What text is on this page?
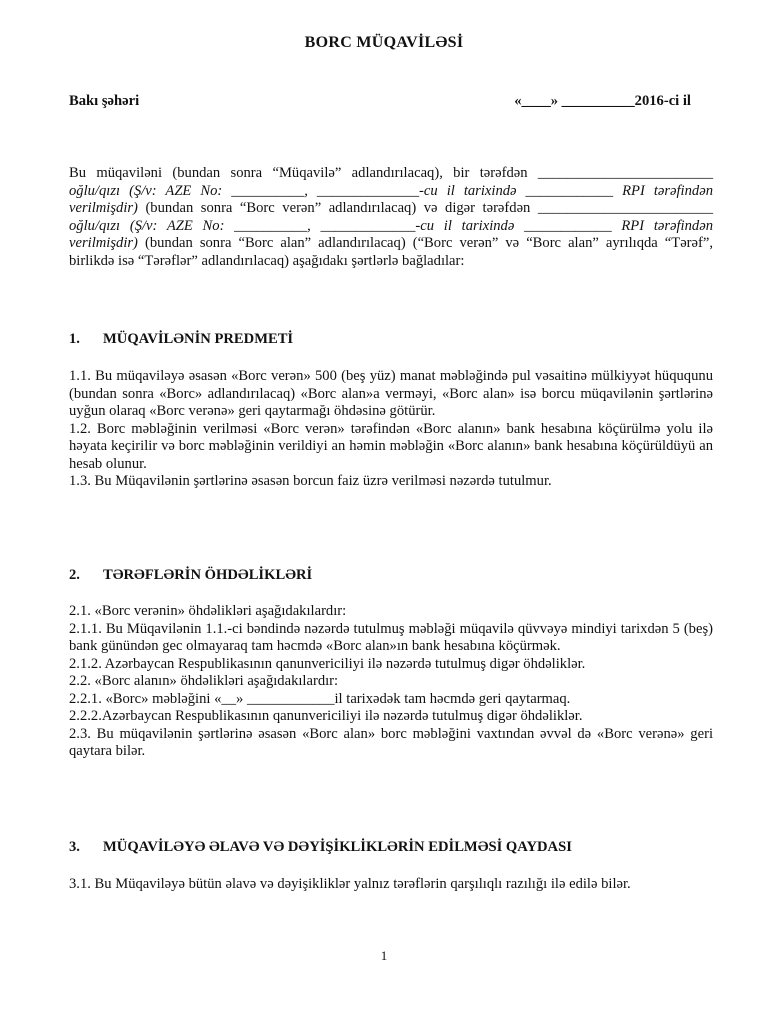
BORC MÜQAVİLƏSİ
Bakı şəhəri	«____» __________2016-ci il

Bu müqavilənі (bundan sonra “Müqavilə” adlandırılacaq), bir tərəfdən ________________________ oğlu/qızı (Ş/v: AZE No: __________, ______________-cu il tarixində ____________ RPI tərəfindən verilmişdir) (bundan sonra “Borc verən” adlandırılacaq) və digər tərəfdən ________________________ oğlu/qızı (Ş/v: AZE No: __________, _____________-cu il tarixində ____________ RPI tərəfindən verilmişdir) (bundan sonra “Borc alan” adlandırılacaq) (“Borc verən” və “Borc alan” ayrılıqda “Tərəf”, birlikdə isə “Tərəflər” adlandırılacaq) aşağıdakı şərtlərlə bağladılar:

1. MÜQAVİLƏNİN PREDMETİ

1.1. Bu müqaviləyə əsasən «Borc verən» 500 (beş yüz) manat məbləğində pul vəsaitinə mülkiyyət hüququnu (bundan sonra «Borc» adlandırılacaq) «Borc alan»a verməyi, «Borc alan» isə borcu müqavilənin şərtlərinə uyğun olaraq «Borc verənə» geri qaytarmağı öhdəsinə götürür.

1.2. Borc məbləğinin verilməsi «Borc verən» tərəfindən «Borc alanın» bank hesabına köçürülmə yolu ilə həyata keçirilir və borc məbləğinin verildiyi an həmin məbləğin «Borc alanın» bank hesabına köçürüldüyü an hesab olunur.

1.3. Bu Müqavilənin şərtlərinə əsasən borcun faiz üzrə verilməsi nəzərdə tutulmur.

2. TƏRƏFLƏRİN ÖHDƏLİKLƏRİ

2.1. «Borc verənin» öhdəlikləri aşağıdakılardır:

2.1.1. Bu Müqavilənin 1.1.-ci bəndində nəzərdə tutulmuş məbləği müqavilə qüvvəyə mindiyi tarixdən 5 (beş) bank günündən gec olmayaraq tam həcmdə «Borc alan»ın bank hesabına köçürmək.

2.1.2. Azərbaycan Respublikasının qanunvericiliyi ilə nəzərdə tutulmuş digər öhdəliklər.

2.2. «Borc alanın» öhdəlikləri aşağıdakılardır:

2.2.1. «Borc» məbləğini «__» ____________il tarixədək tam həcmdə geri qaytarmaq.

2.2.2.Azərbaycan Respublikasının qanunvericiliyi ilə nəzərdə tutulmuş digər öhdəliklər.

2.3. Bu müqavilənin şərtlərinə əsasən «Borc alan» borc məbləğini vaxtından əvvəl də «Borc verənə» geri qaytara bilər.

3. MÜQAVİLƏYƏ ƏLAVƏ VƏ DƏYİŞİKLİKLƏRİN EDİLMƏSİ QAYDASI

3.1. Bu Müqaviləyə bütün əlavə və dəyişikliklər yalnız tərəflərin qarşılıqlı razılığı ilə edilə bilər.

1
